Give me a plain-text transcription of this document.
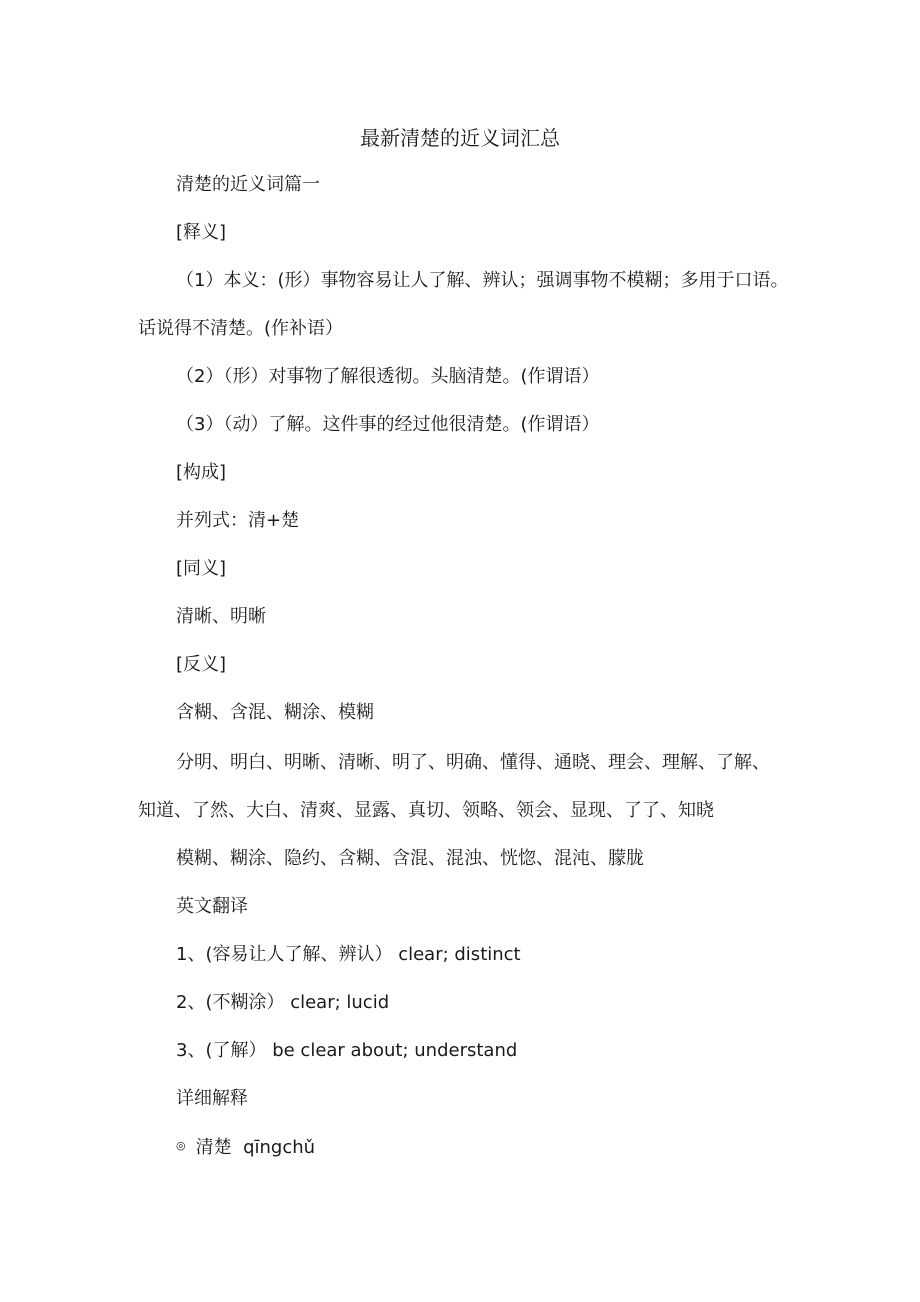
最新清楚的近义词汇总
清楚的近义词篇一
[释义]
（1）本义：(形）事物容易让人了解、辨认；强调事物不模糊；多用于口语。
话说得不清楚。(作补语）
（2）（形）对事物了解很透彻。头脑清楚。(作谓语）
（3）（动）了解。这件事的经过他很清楚。(作谓语）
[构成]
并列式：清+楚
[同义]
清晰、明晰
[反义]
含糊、含混、糊涂、模糊
分明、明白、明晰、清晰、明了、明确、懂得、通晓、理会、理解、了解、
知道、了然、大白、清爽、显露、真切、领略、领会、显现、了了、知晓
模糊、糊涂、隐约、含糊、含混、混浊、恍惚、混沌、朦胧
英文翻译
1、(容易让人了解、辨认） clear; distinct
2、(不糊涂） clear; lucid
3、(了解） be clear about; understand
详细解释
◎ 清楚 qīngchǔ
